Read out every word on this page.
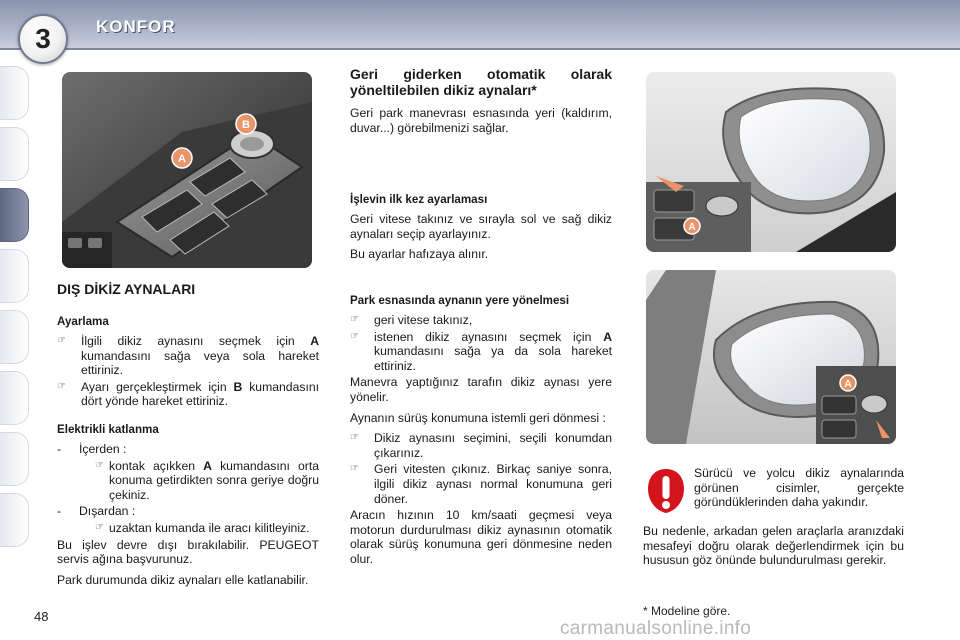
3	KONFOR
A
B
DIŞ DİKİZ AYNALARI
Ayarlama
☞	İlgili dikiz aynasını seçmek için A kumandasını sağa veya sola hareket ettiriniz.
☞	Ayarı gerçekleştirmek için B kumandasını dört yönde hareket ettiriniz.
Elektrikli katlanma
-	İçerden :
☞ kontak açıkken A kumandasını orta konuma getirdikten sonra geriye doğru çekiniz.
-	Dışardan :
☞ uzaktan kumanda ile aracı kilitleyiniz.

Bu işlev devre dışı bırakılabilir. PEUGEOT servis ağına başvurunuz.

Park durumunda dikiz aynaları elle katlanabilir.

Geri giderken otomatik olarak yöneltilebilen dikiz aynaları*

Geri park manevrası esnasında yeri (kaldırım, duvar...) görebilmenizi sağlar.

İşlevin ilk kez ayarlaması

Geri vitese takınız ve sırayla sol ve sağ dikiz aynaları seçip ayarlayınız.

Bu ayarlar hafızaya alınır.

Park esnasında aynanın yere yönelmesi
☞	geri vitese takınız,
☞	istenen dikiz aynasını seçmek için A kumandasını sağa ya da sola hareket ettiriniz.

Manevra yaptığınız tarafın dikiz aynası yere yönelir.

Aynanın sürüş konumuna istemli geri dönmesi :

☞	Dikiz aynasını seçimini, seçili konumdan çıkarınız.
☞	Geri vitesten çıkınız. Birkaç saniye sonra, ilgili dikiz aynası normal konumuna geri döner.

Aracın hızının 10 km/saati geçmesi veya motorun durdurulması dikiz aynasının otomatik olarak sürüş konumuna geri dönmesine neden olur.

A
A

Sürücü ve yolcu dikiz aynalarında görünen cisimler, gerçekte göründüklerinden daha yakındır.

Bu nedenle, arkadan gelen araçlarla aranızdaki mesafeyi doğru olarak değerlendirmek için bu hususun göz önünde bulundurulması gerekir.

48	* Modeline göre.
carmanualsonline.info
